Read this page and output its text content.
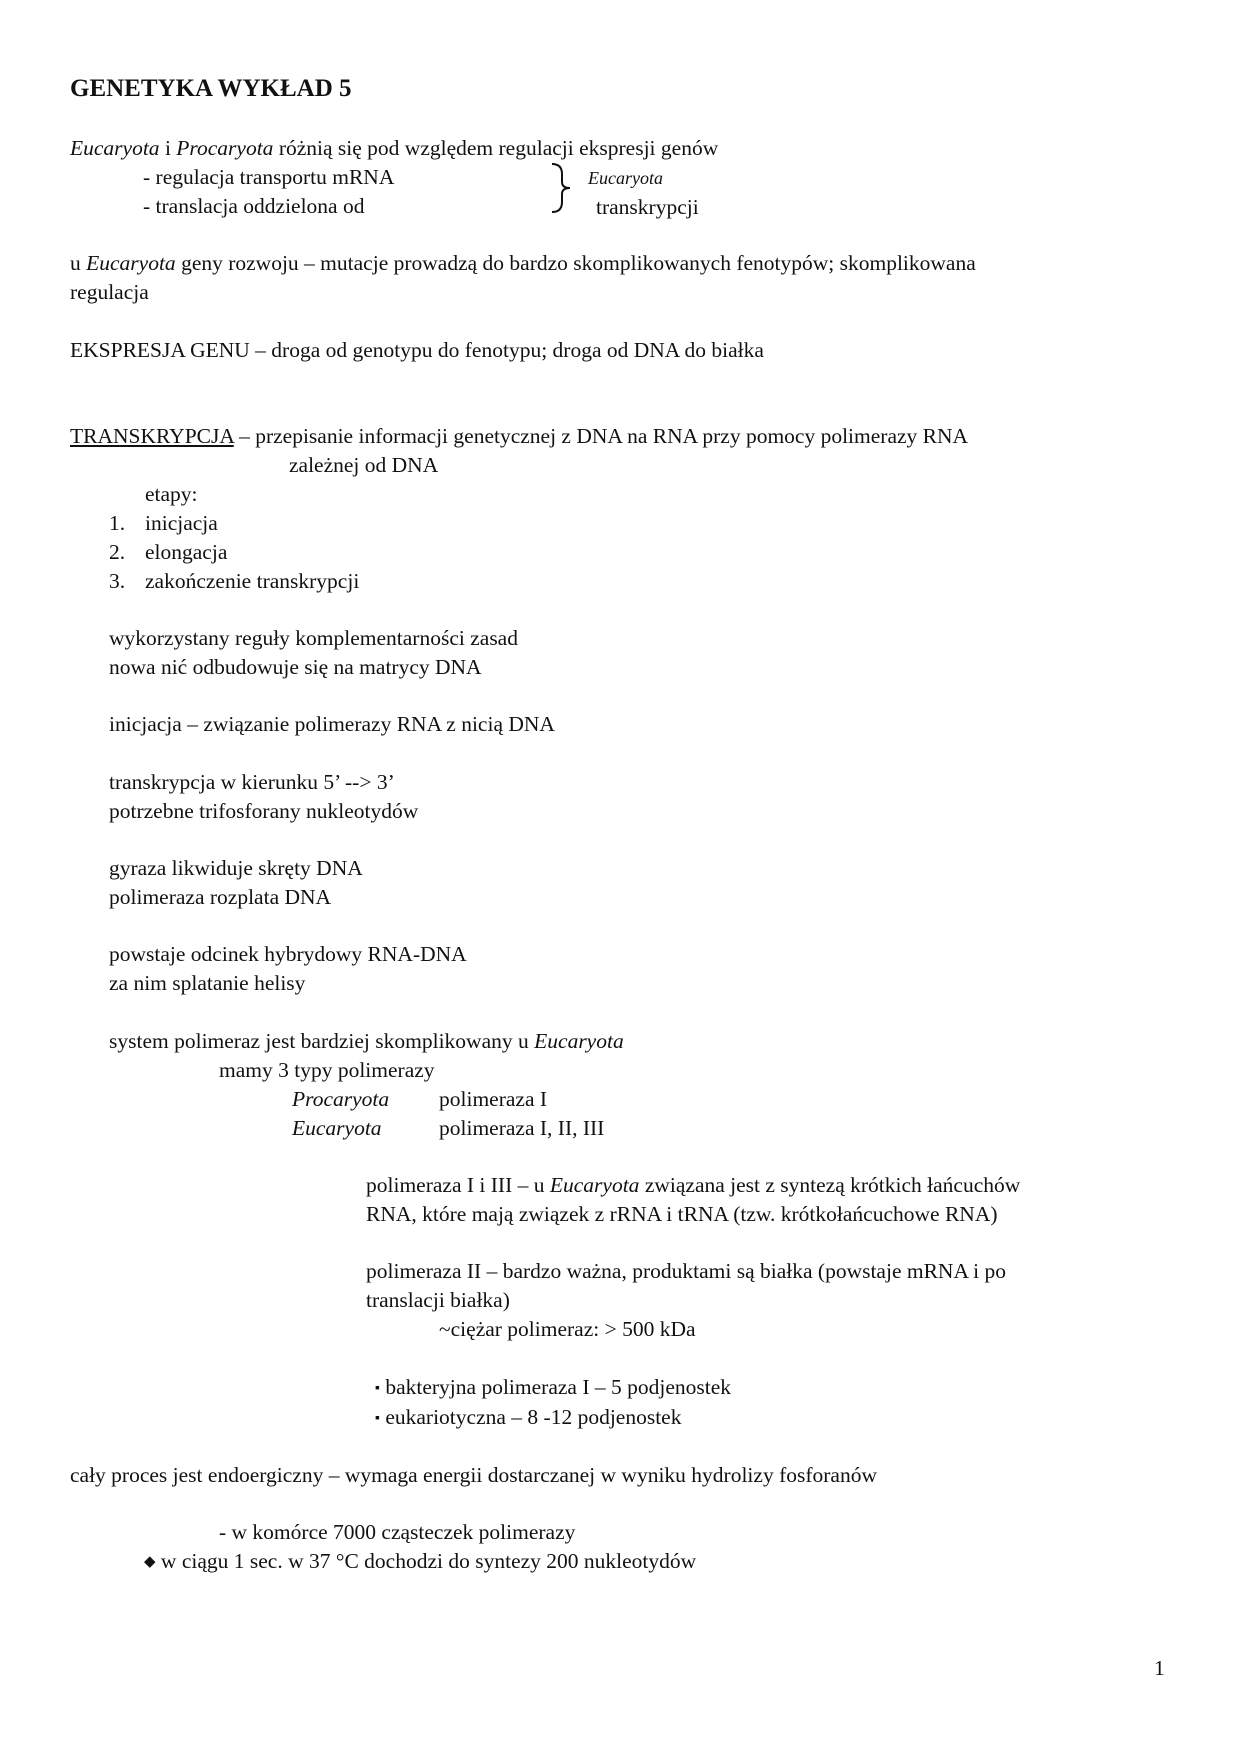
GENETYKA WYKŁAD 5
Eucaryota i Procaryota różnią się pod względem regulacji ekspresji genów
- regulacja transportu mRNA
- translacja oddzielona od
Eucaryota
transkrypcji
u Eucaryota geny rozwoju – mutacje prowadzą do bardzo skomplikowanych fenotypów; skomplikowana
regulacja
EKSPRESJA GENU – droga od genotypu do fenotypu; droga od DNA do białka
TRANSKRYPCJA – przepisanie informacji genetycznej z DNA na RNA przy pomocy polimerazy RNA
zależnej od DNA
etapy:
1. inicjacja
2. elongacja
3. zakończenie transkrypcji
wykorzystany reguły komplementarności zasad
nowa nić odbudowuje się na matrycy DNA
inicjacja – związanie polimerazy RNA z nicią DNA
transkrypcja w kierunku 5’ --> 3’
potrzebne trifosforany nukleotydów
gyraza likwiduje skręty DNA
polimeraza rozplata DNA
powstaje odcinek hybrydowy RNA-DNA
za nim splatanie helisy
system polimeraz jest bardziej skomplikowany u Eucaryota
mamy 3 typy polimerazy
Procaryota polimeraza I
Eucaryota	polimeraza I, II, III
polimeraza I i III – u Eucaryota związana jest z syntezą krótkich łańcuchów
RNA, które mają związek z rRNA i tRNA (tzw. krótkołańcuchowe RNA)
polimeraza II – bardzo ważna, produktami są białka (powstaje mRNA i po
translacji białka)
~ciężar polimeraz: > 500 kDa
▪ bakteryjna polimeraza I – 5 podjenostek
▪ eukariotyczna – 8 -12 podjenostek
cały proces jest endoergiczny – wymaga energii dostarczanej w wyniku hydrolizy fosforanów
- w komórce 7000 cząsteczek polimerazy
◆ w ciągu 1 sec. w 37 °C dochodzi do syntezy 200 nukleotydów
1
